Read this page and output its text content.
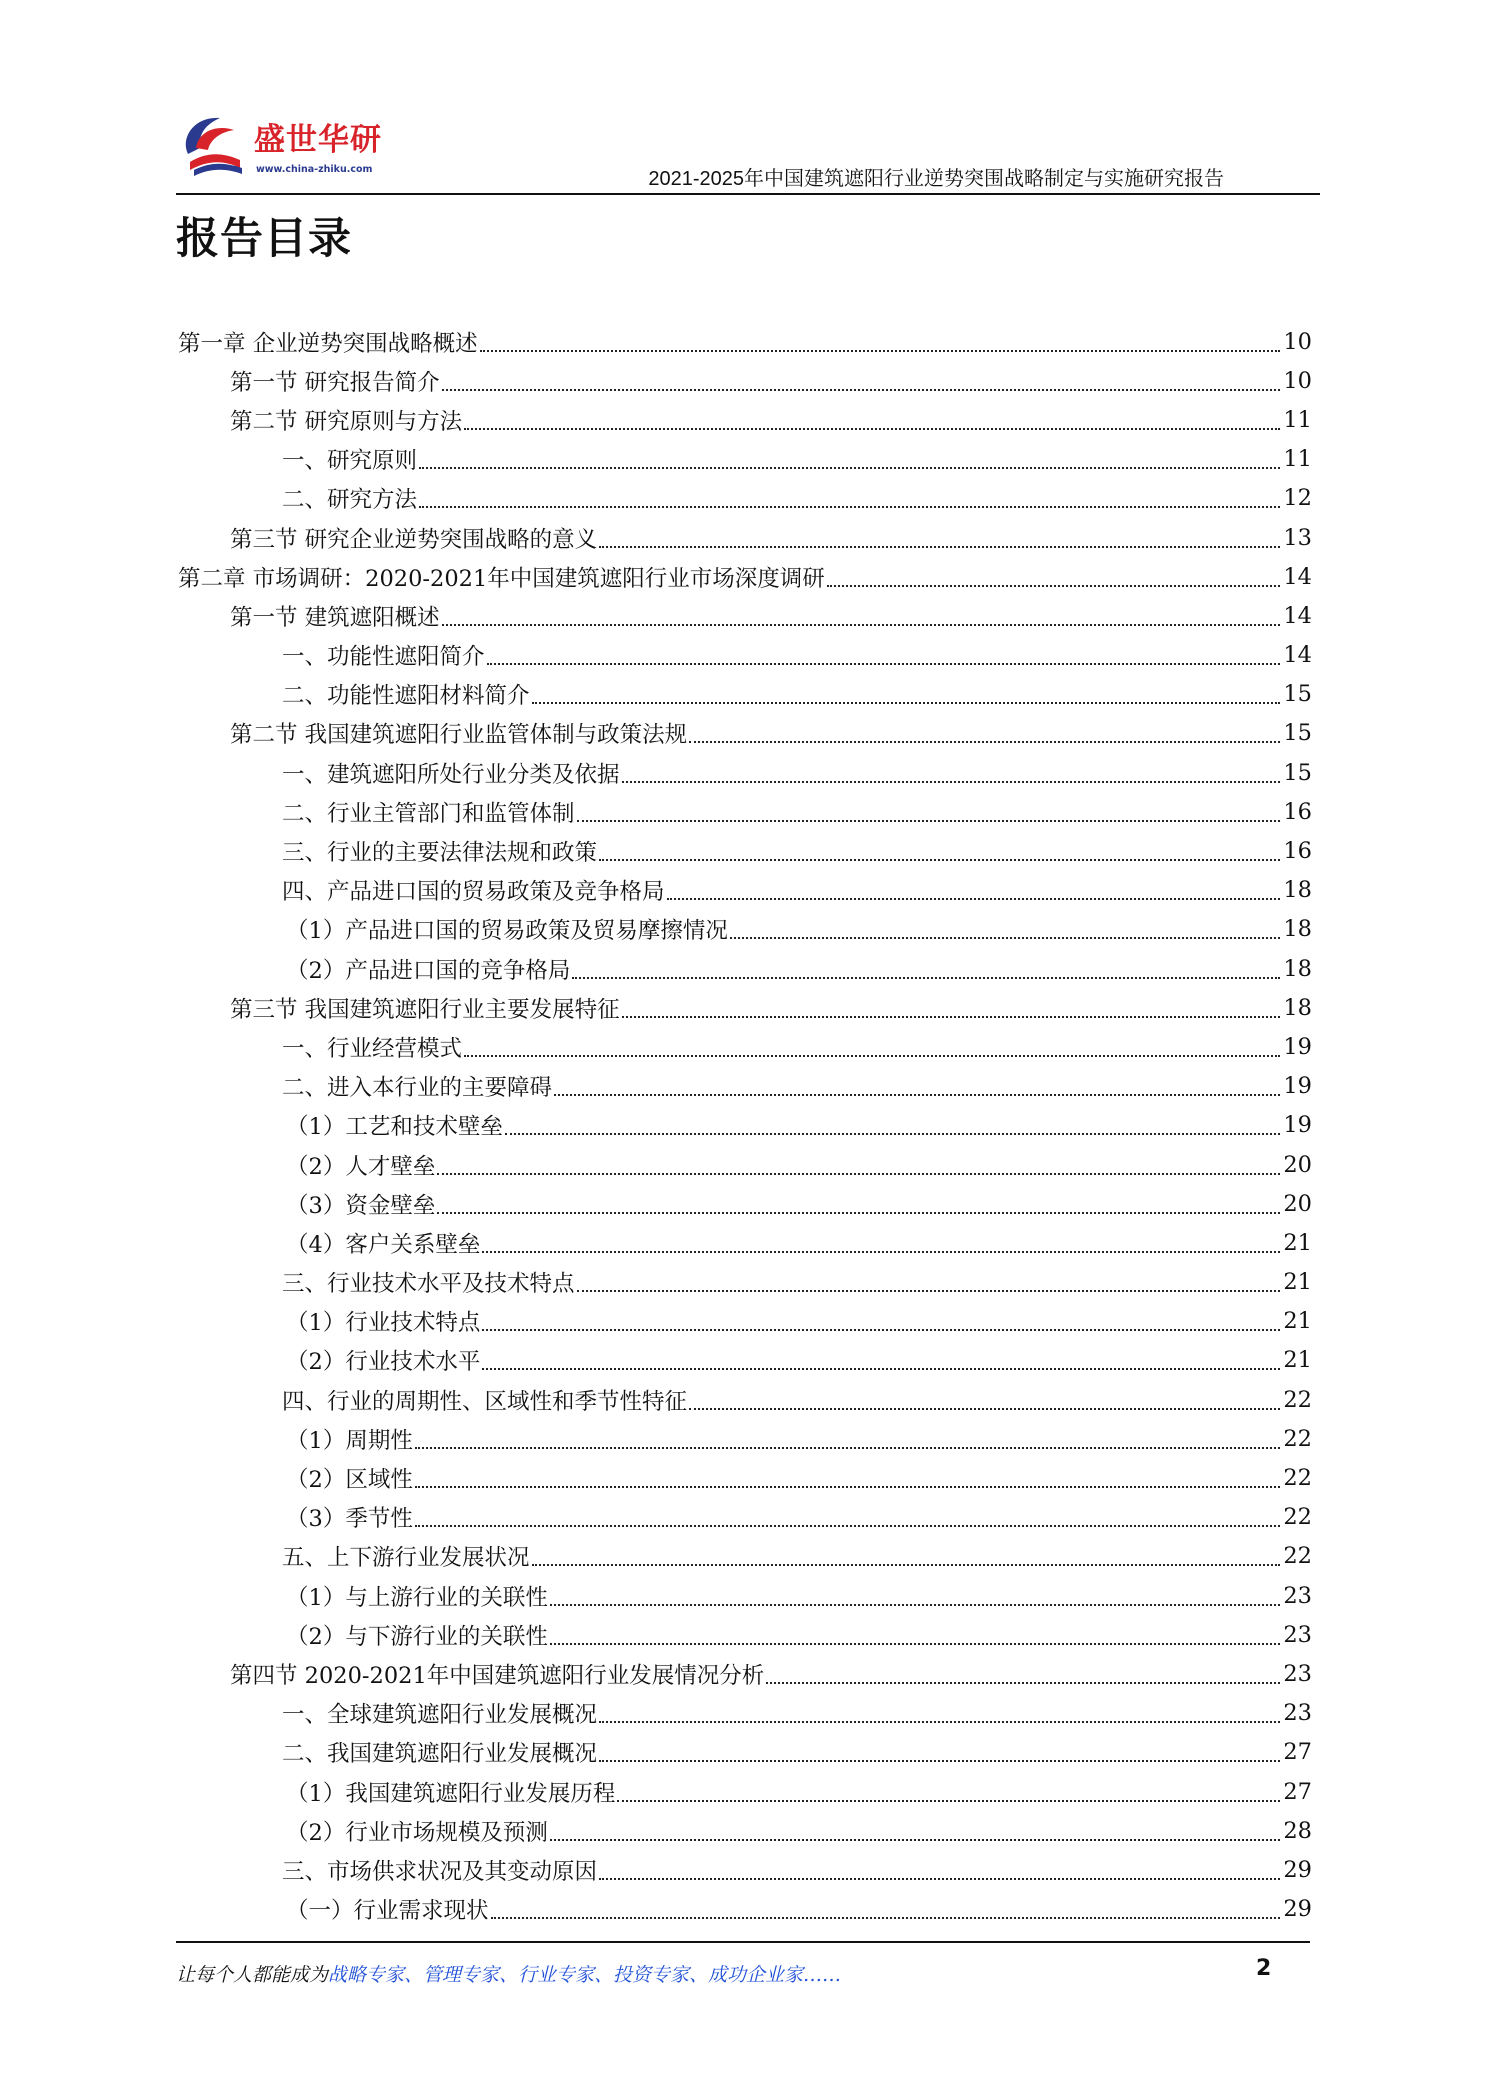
盛世华研
www.china-zhiku.com	2021-2025年中国建筑遮阳行业逆势突围战略制定与实施研究报告
报告目录
第一章 企业逆势突围战略概述	10
第一节 研究报告简介	10
第二节 研究原则与方法	11
一、研究原则	11
二、研究方法	12
第三节 研究企业逆势突围战略的意义	13
第二章 市场调研：2020-2021年中国建筑遮阳行业市场深度调研	14
第一节 建筑遮阳概述	14
一、功能性遮阳简介	14
二、功能性遮阳材料简介	15
第二节 我国建筑遮阳行业监管体制与政策法规	15
一、建筑遮阳所处行业分类及依据	15
二、行业主管部门和监管体制	16
三、行业的主要法律法规和政策	16
四、产品进口国的贸易政策及竞争格局	18
（1）产品进口国的贸易政策及贸易摩擦情况	18
（2）产品进口国的竞争格局	18
第三节 我国建筑遮阳行业主要发展特征	18
一、行业经营模式	19
二、进入本行业的主要障碍	19
（1）工艺和技术壁垒	19
（2）人才壁垒	20
（3）资金壁垒	20
（4）客户关系壁垒	21
三、行业技术水平及技术特点	21
（1）行业技术特点	21
（2）行业技术水平	21
四、行业的周期性、区域性和季节性特征	22
（1）周期性	22
（2）区域性	22
（3）季节性	22
五、上下游行业发展状况	22
（1）与上游行业的关联性	23
（2）与下游行业的关联性	23
第四节 2020-2021年中国建筑遮阳行业发展情况分析	23
一、全球建筑遮阳行业发展概况	23
二、我国建筑遮阳行业发展概况	27
（1）我国建筑遮阳行业发展历程	27
（2）行业市场规模及预测	28
三、市场供求状况及其变动原因	29
（一）行业需求现状	29
让每个人都能成为战略专家、管理专家、行业专家、投资专家、成功企业家……	2
